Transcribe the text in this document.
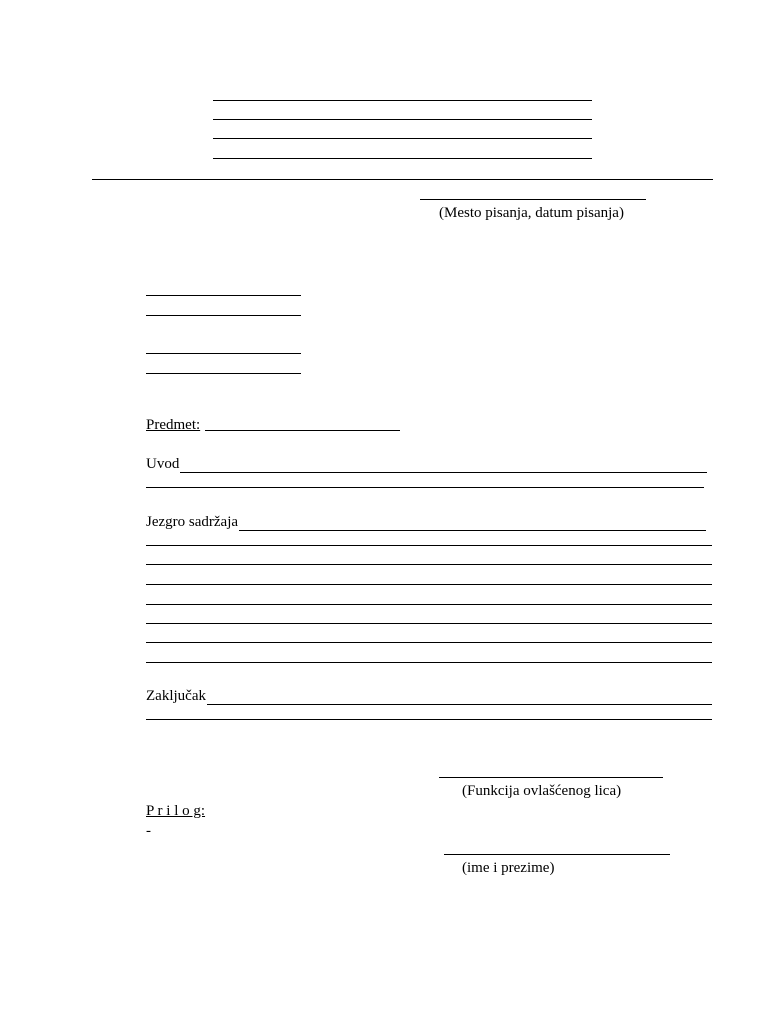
(Mesto pisanja, datum pisanja)
Predmet:
Uvod
Jezgro sadržaja
Zaključak
(Funkcija ovlašćenog lica)
P r i l o g:
-
(ime i prezime)
